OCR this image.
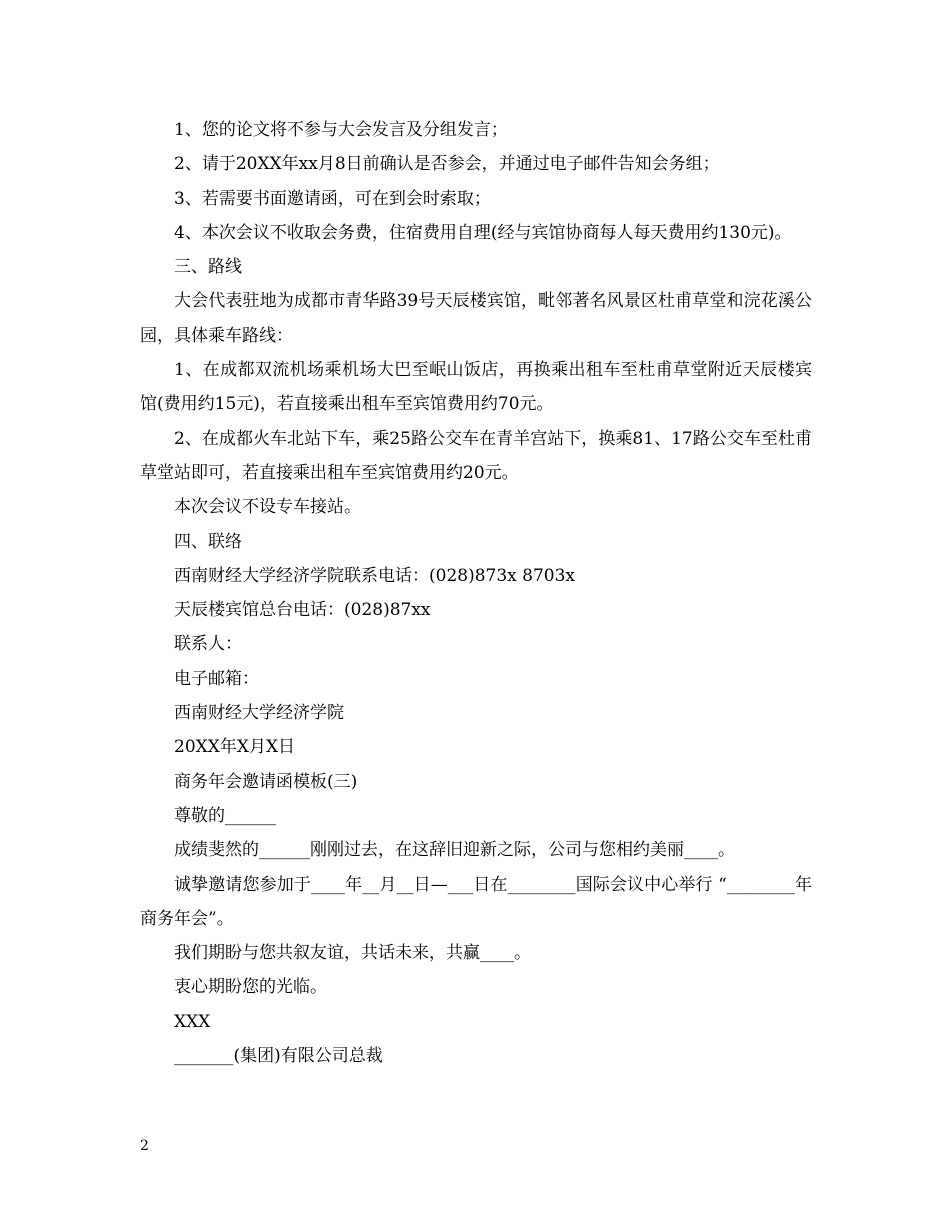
1、您的论文将不参与大会发言及分组发言；

2、请于20XX年xx月8日前确认是否参会，并通过电子邮件告知会务组；

3、若需要书面邀请函，可在到会时索取；

4、本次会议不收取会务费，住宿费用自理(经与宾馆协商每人每天费用约130元)。

三、路线

大会代表驻地为成都市青华路39号天辰楼宾馆，毗邻著名风景区杜甫草堂和浣花溪公园，具体乘车路线：

1、在成都双流机场乘机场大巴至岷山饭店，再换乘出租车至杜甫草堂附近天辰楼宾馆(费用约15元)，若直接乘出租车至宾馆费用约70元。

2、在成都火车北站下车，乘25路公交车在青羊宫站下，换乘81、17路公交车至杜甫草堂站即可，若直接乘出租车至宾馆费用约20元。

本次会议不设专车接站。

四、联络

西南财经大学经济学院联系电话：(028)873x 8703x

天辰楼宾馆总台电话：(028)87xx

联系人：

电子邮箱：

西南财经大学经济学院

20XX年X月X日

商务年会邀请函模板(三)

尊敬的______

成绩斐然的______刚刚过去，在这辞旧迎新之际，公司与您相约美丽____。

诚挚邀请您参加于____年__月__日—___日在________国际会议中心举行 “________年商务年会”。

我们期盼与您共叙友谊，共话未来，共赢____。

衷心期盼您的光临。

XXX

_______(集团)有限公司总裁

2
